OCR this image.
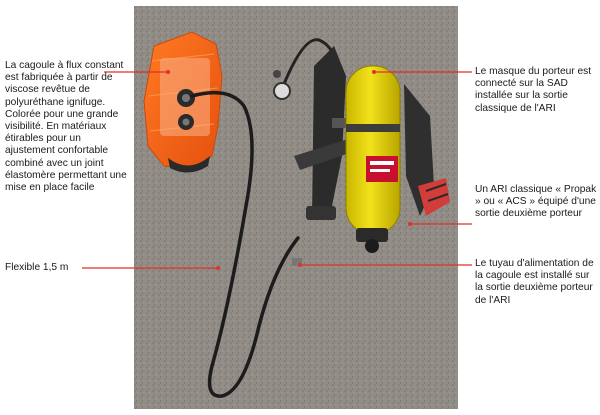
La cagoule à flux constant est fabriquée à partir de viscose revêtue de polyuréthane ignifuge. Colorée pour une grande visibilité. En matériaux étirables pour un ajustement confortable combiné avec un joint élastomère permettant une mise en place facile
Flexible 1,5 m
Le masque du porteur est connecté sur la SAD installée sur la sortie classique de l'ARI
Un ARI classique « Propak » ou « ACS » équipé d'une sortie deuxième porteur
Le tuyau d'alimentation de la cagoule est installé sur la sortie deuxième porteur de l'ARI
